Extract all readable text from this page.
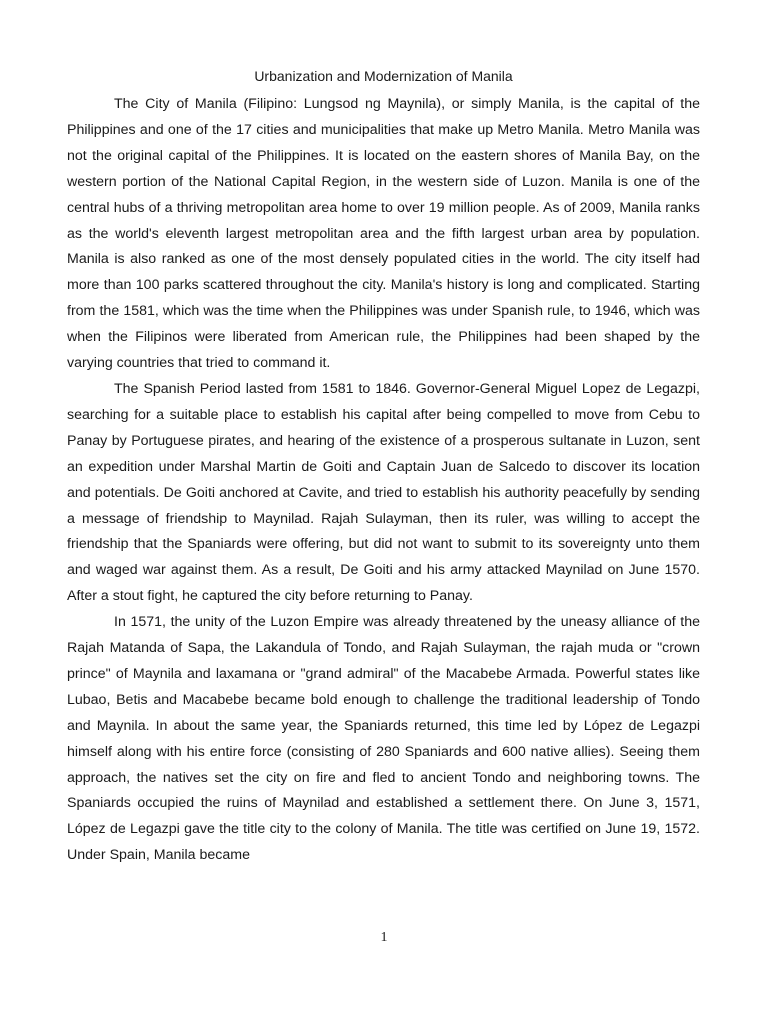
Urbanization and Modernization of Manila

The City of Manila (Filipino: Lungsod ng Maynila), or simply Manila, is the capital of the Philippines and one of the 17 cities and municipalities that make up Metro Manila. Metro Manila was not the original capital of the Philippines. It is located on the eastern shores of Manila Bay, on the western portion of the National Capital Region, in the western side of Luzon. Manila is one of the central hubs of a thriving metropolitan area home to over 19 million people. As of 2009, Manila ranks as the world's eleventh largest metropolitan area and the fifth largest urban area by population. Manila is also ranked as one of the most densely populated cities in the world. The city itself had more than 100 parks scattered throughout the city. Manila's history is long and complicated. Starting from the 1581, which was the time when the Philippines was under Spanish rule, to 1946, which was when the Filipinos were liberated from American rule, the Philippines had been shaped by the varying countries that tried to command it.

The Spanish Period lasted from 1581 to 1846. Governor-General Miguel Lopez de Legazpi, searching for a suitable place to establish his capital after being compelled to move from Cebu to Panay by Portuguese pirates, and hearing of the existence of a prosperous sultanate in Luzon, sent an expedition under Marshal Martin de Goiti and Captain Juan de Salcedo to discover its location and potentials. De Goiti anchored at Cavite, and tried to establish his authority peacefully by sending a message of friendship to Maynilad. Rajah Sulayman, then its ruler, was willing to accept the friendship that the Spaniards were offering, but did not want to submit to its sovereignty unto them and waged war against them. As a result, De Goiti and his army attacked Maynilad on June 1570. After a stout fight, he captured the city before returning to Panay.

In 1571, the unity of the Luzon Empire was already threatened by the uneasy alliance of the Rajah Matanda of Sapa, the Lakandula of Tondo, and Rajah Sulayman, the rajah muda or "crown prince" of Maynila and laxamana or "grand admiral" of the Macabebe Armada. Powerful states like Lubao, Betis and Macabebe became bold enough to challenge the traditional leadership of Tondo and Maynila. In about the same year, the Spaniards returned, this time led by López de Legazpi himself along with his entire force (consisting of 280 Spaniards and 600 native allies). Seeing them approach, the natives set the city on fire and fled to ancient Tondo and neighboring towns. The Spaniards occupied the ruins of Maynilad and established a settlement there. On June 3, 1571, López de Legazpi gave the title city to the colony of Manila. The title was certified on June 19, 1572. Under Spain, Manila became

1
